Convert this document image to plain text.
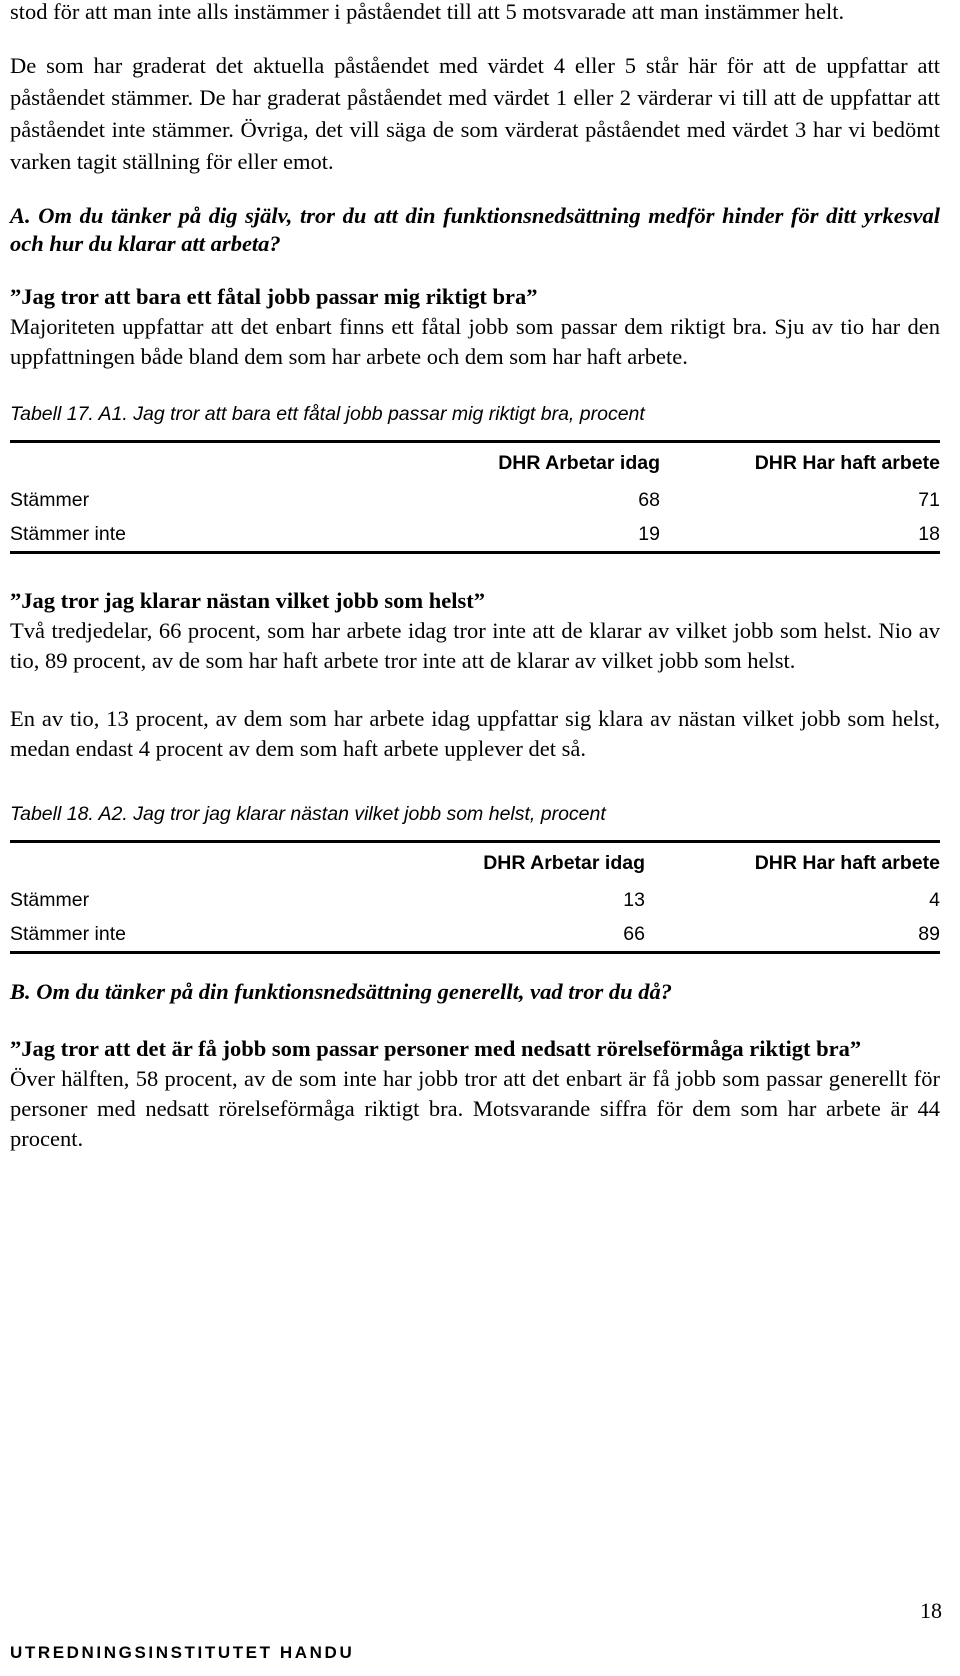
stod för att man inte alls instämmer i påståendet till att 5 motsvarade att man instämmer helt.

De som har graderat det aktuella påståendet med värdet 4 eller 5 står här för att de uppfattar att påståendet stämmer. De har graderat påståendet med värdet 1 eller 2 värderar vi till att de uppfattar att påståendet inte stämmer. Övriga, det vill säga de som värderat påståendet med värdet 3 har vi bedömt varken tagit ställning för eller emot.

A. Om du tänker på dig själv, tror du att din funktionsnedsättning medför hinder för ditt yrkesval och hur du klarar att arbeta?

”Jag tror att bara ett fåtal jobb passar mig riktigt bra”

Majoriteten uppfattar att det enbart finns ett fåtal jobb som passar dem riktigt bra. Sju av tio har den uppfattningen både bland dem som har arbete och dem som har haft arbete.

Tabell 17. A1. Jag tror att bara ett fåtal jobb passar mig riktigt bra, procent

	DHR Arbetar idag	DHR Har haft arbete
Stämmer	68	71
Stämmer inte	19	18

”Jag tror jag klarar nästan vilket jobb som helst”

Två tredjedelar, 66 procent, som har arbete idag tror inte att de klarar av vilket jobb som helst. Nio av tio, 89 procent, av de som har haft arbete tror inte att de klarar av vilket jobb som helst.

En av tio, 13 procent, av dem som har arbete idag uppfattar sig klara av nästan vilket jobb som helst, medan endast 4 procent av dem som haft arbete upplever det så.

Tabell 18. A2. Jag tror jag klarar nästan vilket jobb som helst, procent

	DHR Arbetar idag	DHR Har haft arbete
Stämmer	13	4
Stämmer inte	66	89

B. Om du tänker på din funktionsnedsättning generellt, vad tror du då?

”Jag tror att det är få jobb som passar personer med nedsatt rörelseförmåga riktigt bra”

Över hälften, 58 procent, av de som inte har jobb tror att det enbart är få jobb som passar generellt för personer med nedsatt rörelseförmåga riktigt bra. Motsvarande siffra för dem som har arbete är 44 procent.

18
UTREDNINGSINSTITUTET HANDU
